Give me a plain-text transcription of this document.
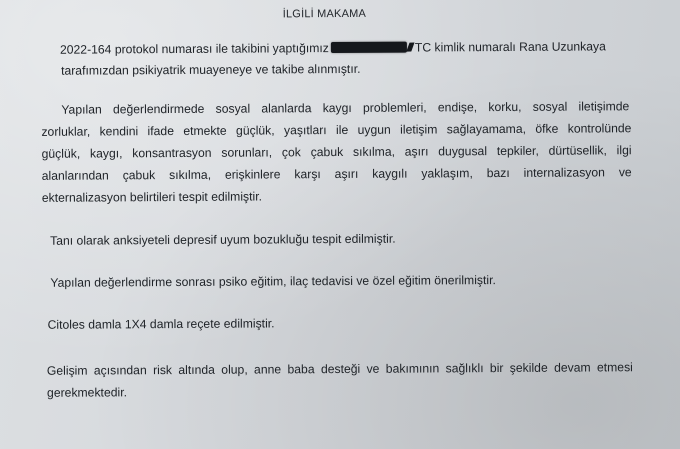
İLGİLİ MAKAMA
2022-164 protokol numarası ile takibini yaptığımız	TC kimlik numaralı Rana Uzunkaya
tarafımızdan psikiyatrik muayeneye ve takibe alınmıştır.
Yapılan değerlendirmede sosyal alanlarda kaygı problemleri, endişe, korku, sosyal iletişimde
zorluklar, kendini ifade etmekte güçlük, yaşıtları ile uygun iletişim sağlayamama, öfke kontrolünde
güçlük, kaygı, konsantrasyon sorunları, çok çabuk sıkılma, aşırı duygusal tepkiler, dürtüsellik, ilgi
alanlarından çabuk sıkılma, erişkinlere karşı aşırı kaygılı yaklaşım, bazı internalizasyon ve
ekternalizasyon belirtileri tespit edilmiştir.
Tanı olarak anksiyeteli depresif uyum bozukluğu tespit edilmiştir.
Yapılan değerlendirme sonrası psiko eğitim, ilaç tedavisi ve özel eğitim önerilmiştir.
Citoles damla 1X4 damla reçete edilmiştir.
Gelişim açısından risk altında olup, anne baba desteği ve bakımının sağlıklı bir şekilde devam etmesi
gerekmektedir.
